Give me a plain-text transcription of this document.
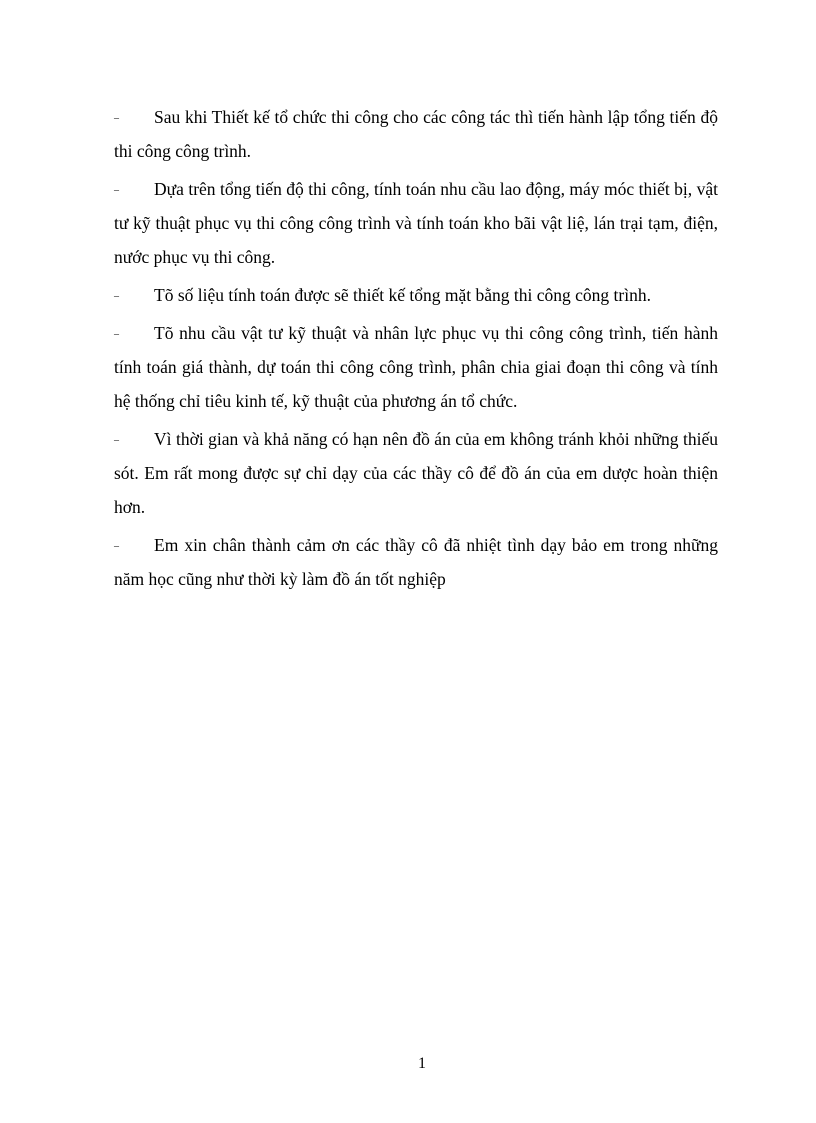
– Sau khi Thiết kế tổ chức thi công cho các công tác thì tiến hành lập tổng tiến độ thi công công trình.

– Dựa trên tổng tiến độ thi công, tính toán nhu cầu lao động, máy móc thiết bị, vật tư kỹ thuật phục vụ thi công công trình và tính toán kho bãi vật liệ, lán trại tạm, điện, nước phục vụ thi công.

– Tõ số liệu tính toán được sẽ thiết kế tổng mặt bằng thi công công trình.

– Tõ nhu cầu vật tư kỹ thuật và nhân lực phục vụ thi công công trình, tiến hành tính toán giá thành, dự toán thi công công trình, phân chia giai đoạn thi công và tính hệ thống chỉ tiêu kinh tế, kỹ thuật của phương án tổ chức.

– Vì thời gian và khả năng có hạn nên đồ án của em không tránh khỏi những thiếu sót. Em rất mong được sự chỉ dạy của các thầy cô để đồ án của em dược hoàn thiện hơn.

– Em xin chân thành cảm ơn các thầy cô đã nhiệt tình dạy bảo em trong những năm học cũng như thời kỳ làm đồ án tốt nghiệp

1
